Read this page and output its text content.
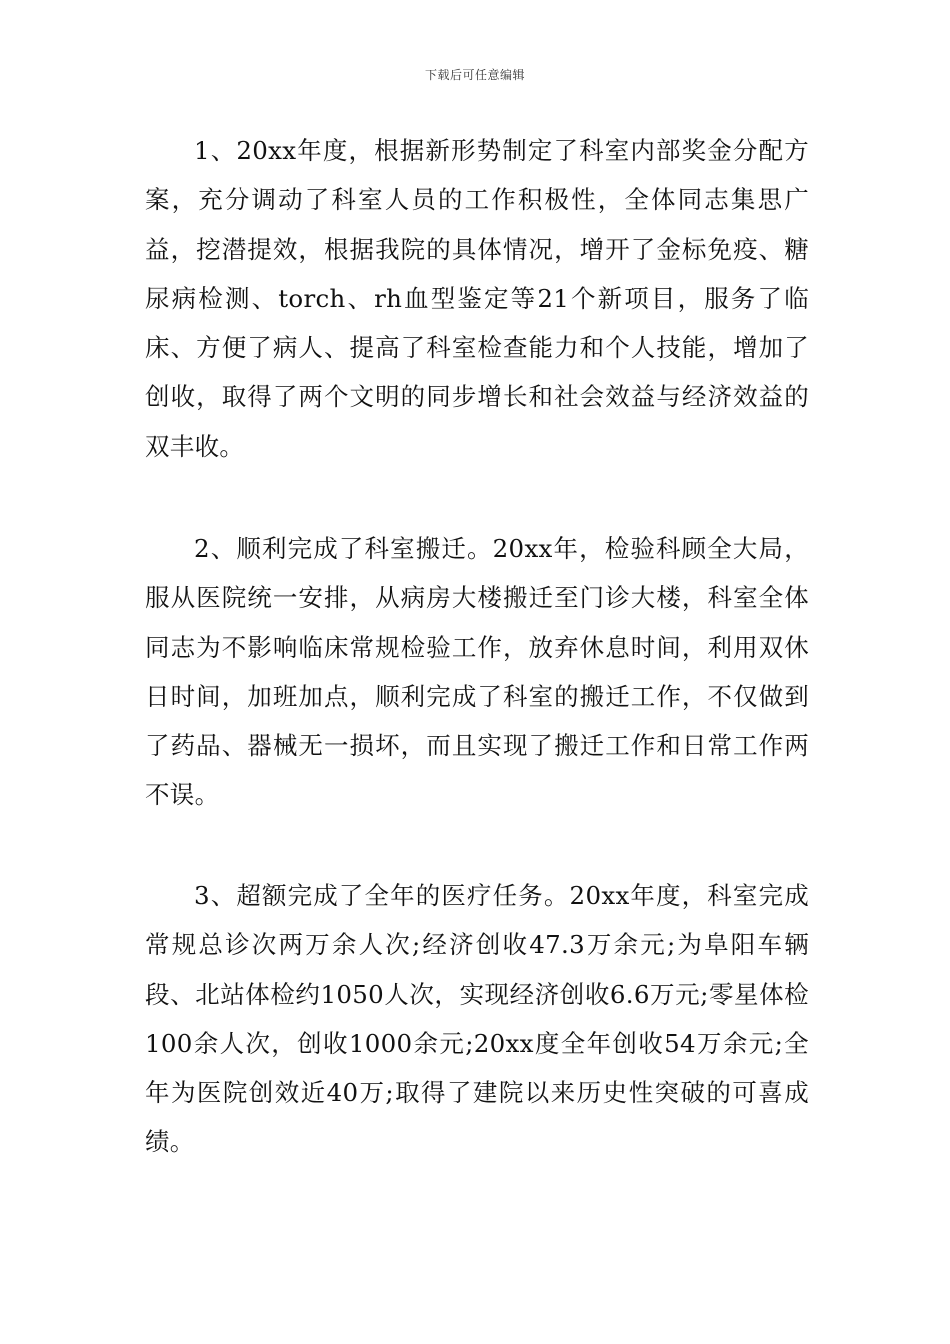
下载后可任意编辑

1、20xx年度，根据新形势制定了科室内部奖金分配方案，充分调动了科室人员的工作积极性，全体同志集思广益，挖潜提效，根据我院的具体情况，增开了金标免疫、糖尿病检测、torch、rh血型鉴定等21个新项目，服务了临床、方便了病人、提高了科室检查能力和个人技能，增加了创收，取得了两个文明的同步增长和社会效益与经济效益的双丰收。

2、顺利完成了科室搬迁。20xx年，检验科顾全大局，服从医院统一安排，从病房大楼搬迁至门诊大楼，科室全体同志为不影响临床常规检验工作，放弃休息时间，利用双休日时间，加班加点，顺利完成了科室的搬迁工作，不仅做到了药品、器械无一损坏，而且实现了搬迁工作和日常工作两不误。

3、超额完成了全年的医疗任务。20xx年度，科室完成常规总诊次两万余人次;经济创收47.3万余元;为阜阳车辆段、北站体检约1050人次，实现经济创收6.6万元;零星体检100余人次，创收1000余元;20xx度全年创收54万余元;全年为医院创效近40万;取得了建院以来历史性突破的可喜成绩。
